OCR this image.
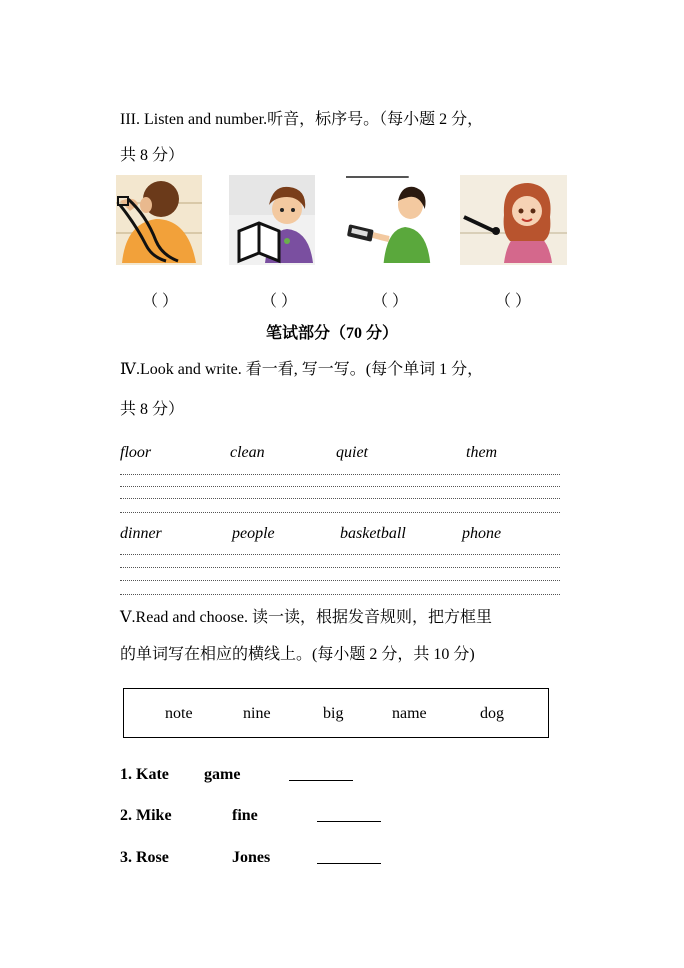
III. Listen and number.听音，标序号。（每小题 2 分，
共 8 分）
（ ）	（ ）	（ ）	（ ）
笔试部分（70 分）
Ⅳ.Look and write. 看一看, 写一写。(每个单词 1 分，
共 8 分）
floor	clean	quiet	them
dinner	people	basketball	phone
Ⅴ.Read and choose. 读一读，根据发音规则，把方框里
的单词写在相应的横线上。(每小题 2 分，共 10 分)
note	nine	big	name	dog
1. Kate game
2. Mike	fine
3. Rose	Jones
